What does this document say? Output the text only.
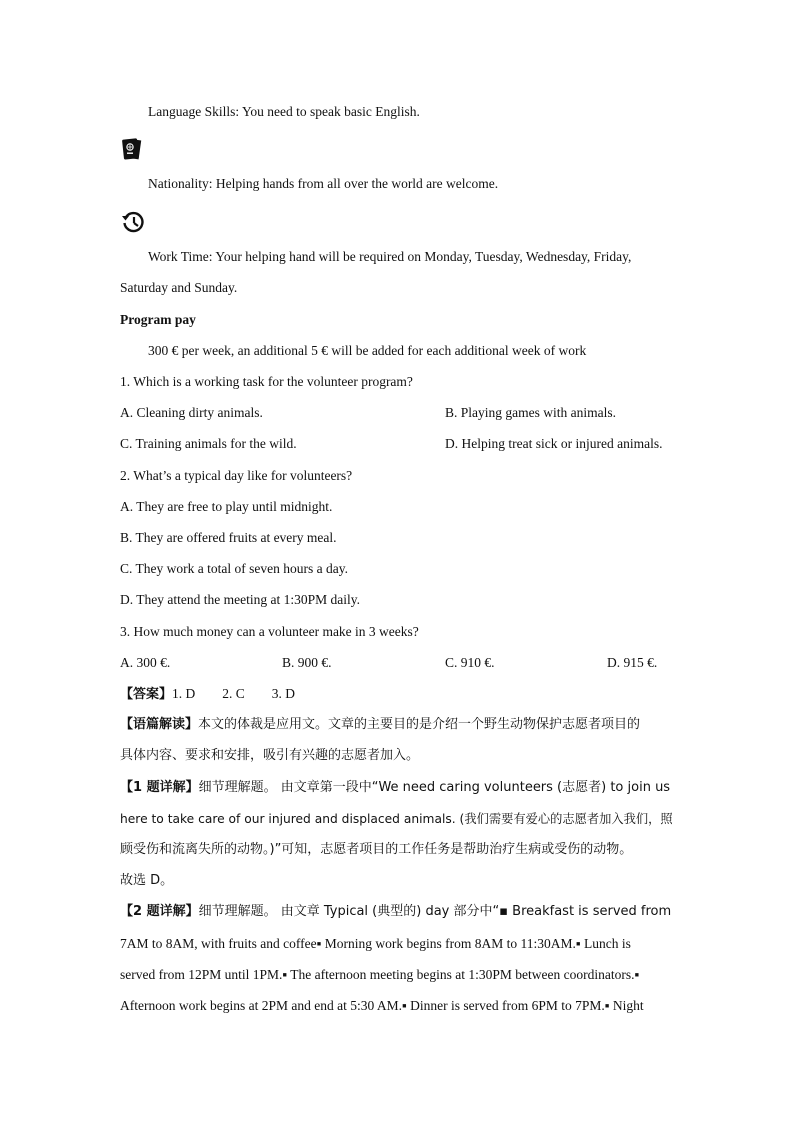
Language Skills: You need to speak basic English.
Nationality: Helping hands from all over the world are welcome.
Work Time: Your helping hand will be required on Monday, Tuesday, Wednesday, Friday,
Saturday and Sunday.
Program pay
300 € per week, an additional 5 € will be added for each additional week of work
1. Which is a working task for the volunteer program?
A. Cleaning dirty animals.	B. Playing games with animals.
C. Training animals for the wild.	D. Helping treat sick or injured animals.
2. What’s a typical day like for volunteers?
A. They are free to play until midnight.
B. They are offered fruits at every meal.
C. They work a total of seven hours a day.
D. They attend the meeting at 1:30PM daily.
3. How much money can a volunteer make in 3 weeks?
A. 300 €.	B. 900 €.	C. 910 €.	D. 915 €.
【答案】1. D        2. C        3. D
【语篇解读】本文的体裁是应用文。文章的主要目的是介绍一个野生动物保护志愿者项目的
具体内容、要求和安排，吸引有兴趣的志愿者加入。
【1 题详解】细节理解题。 由文章第一段中“We need caring volunteers (志愿者) to join us
here to take care of our injured and displaced animals. (我们需要有爱心的志愿者加入我们，照
顾受伤和流离失所的动物。)”可知，志愿者项目的工作任务是帮助治疗生病或受伤的动物。
故选 D。
【2 题详解】细节理解题。 由文章 Typical (典型的) day 部分中“▪ Breakfast is served from
7AM to 8AM, with fruits and coffee▪ Morning work begins from 8AM to 11:30AM.▪ Lunch is
served from 12PM until 1PM.▪ The afternoon meeting begins at 1:30PM between coordinators.▪
Afternoon work begins at 2PM and end at 5:30 AM.▪ Dinner is served from 6PM to 7PM.▪ Night
